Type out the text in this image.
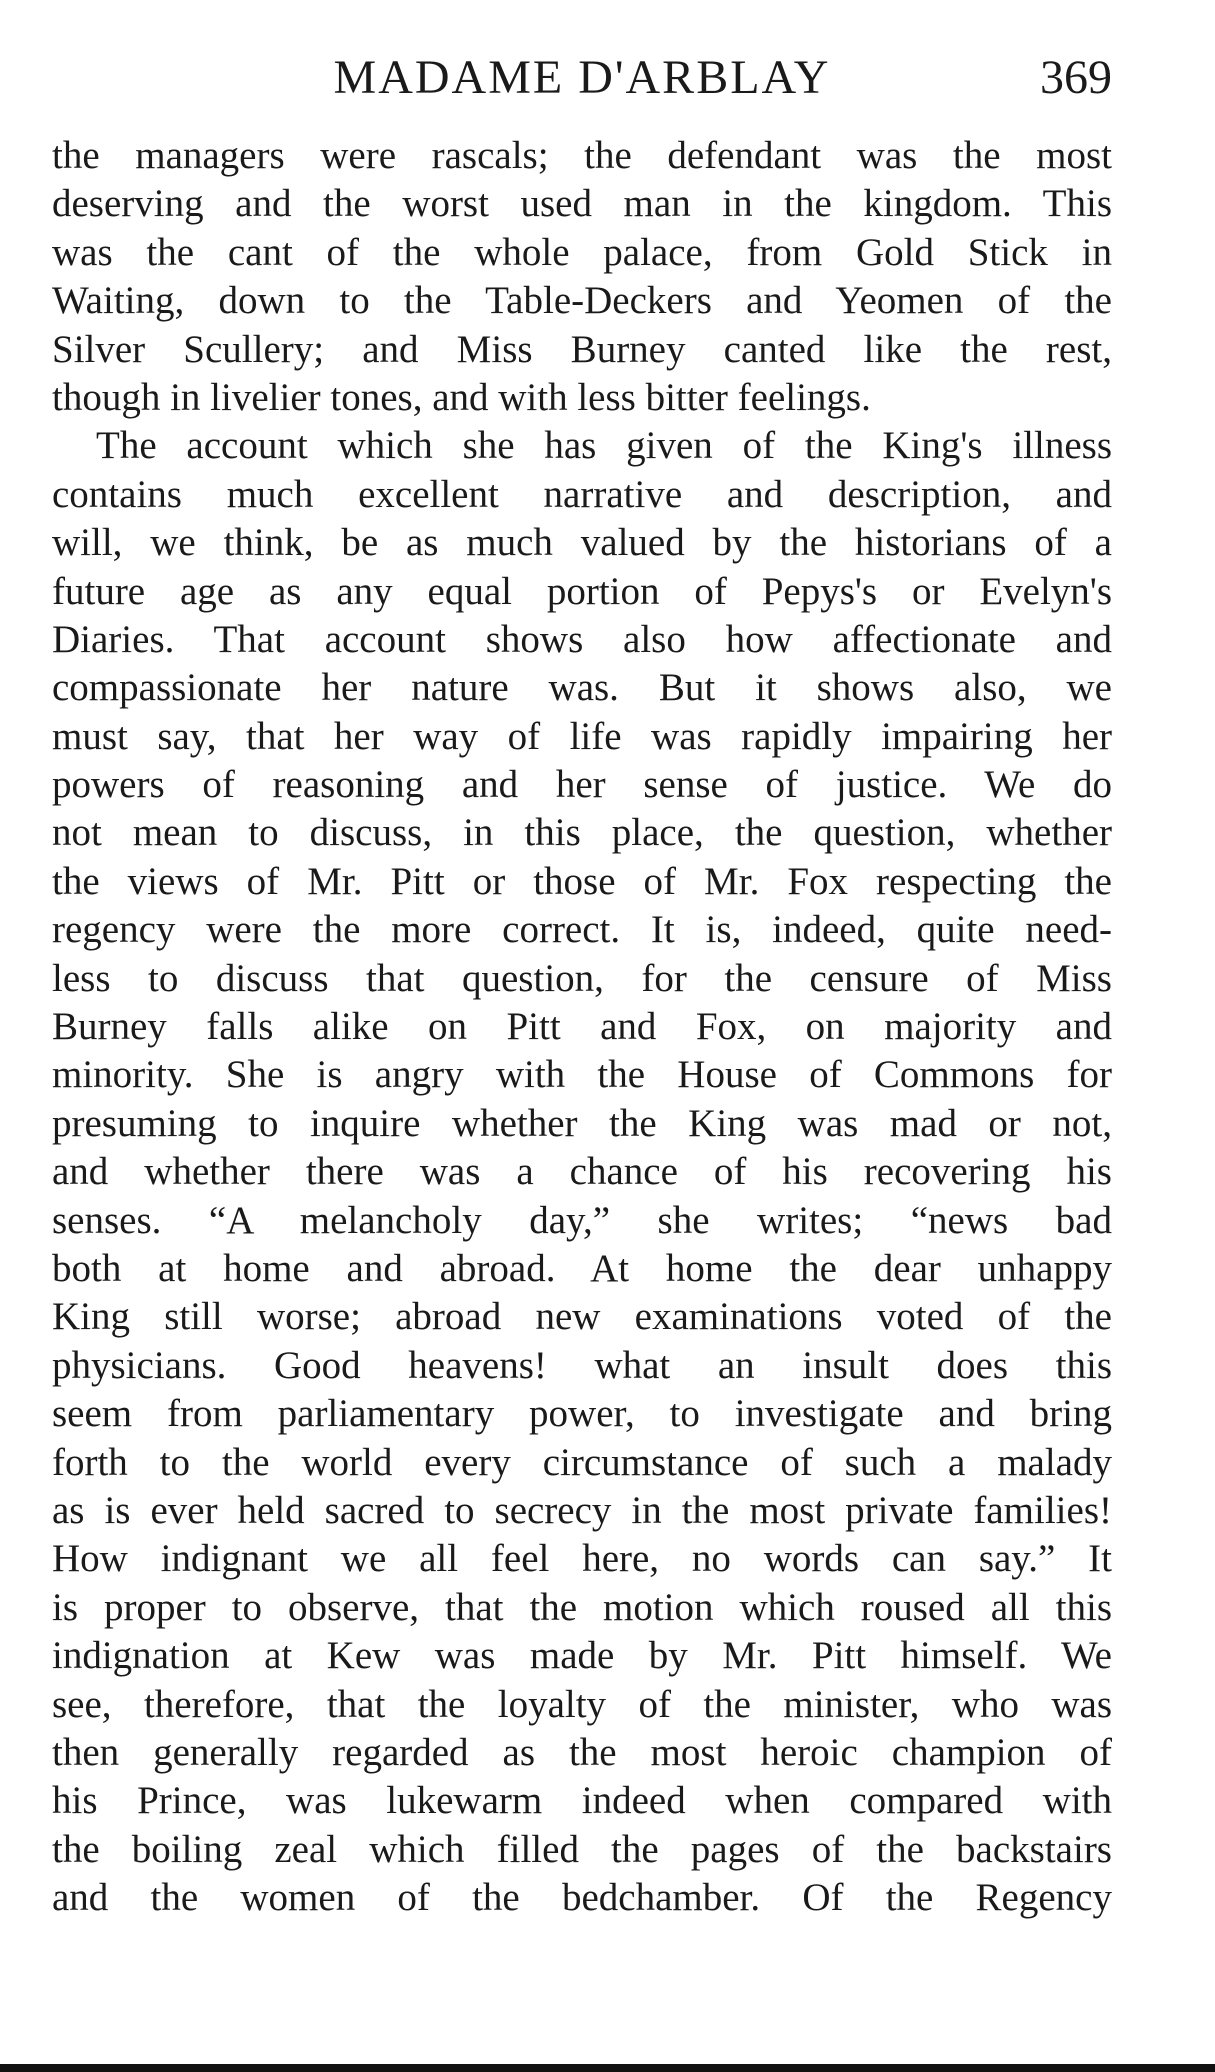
MADAME D'ARBLAY	369
the managers were rascals; the defendant was the most
deserving and the worst used man in the kingdom. This
was the cant of the whole palace, from Gold Stick in
Waiting, down to the Table-Deckers and Yeomen of the
Silver Scullery; and Miss Burney canted like the rest,
though in livelier tones, and with less bitter feelings.
The account which she has given of the King's illness
contains much excellent narrative and description, and
will, we think, be as much valued by the historians of a
future age as any equal portion of Pepys's or Evelyn's
Diaries. That account shows also how affectionate and
compassionate her nature was. But it shows also, we
must say, that her way of life was rapidly impairing her
powers of reasoning and her sense of justice. We do
not mean to discuss, in this place, the question, whether
the views of Mr. Pitt or those of Mr. Fox respecting the
regency were the more correct. It is, indeed, quite need-
less to discuss that question, for the censure of Miss
Burney falls alike on Pitt and Fox, on majority and
minority. She is angry with the House of Commons for
presuming to inquire whether the King was mad or not,
and whether there was a chance of his recovering his
senses. “A melancholy day,” she writes; “news bad
both at home and abroad. At home the dear unhappy
King still worse; abroad new examinations voted of the
physicians. Good heavens! what an insult does this
seem from parliamentary power, to investigate and bring
forth to the world every circumstance of such a malady
as is ever held sacred to secrecy in the most private families!
How indignant we all feel here, no words can say.” It
is proper to observe, that the motion which roused all this
indignation at Kew was made by Mr. Pitt himself. We
see, therefore, that the loyalty of the minister, who was
then generally regarded as the most heroic champion of
his Prince, was lukewarm indeed when compared with
the boiling zeal which filled the pages of the backstairs
and the women of the bedchamber. Of the Regency
